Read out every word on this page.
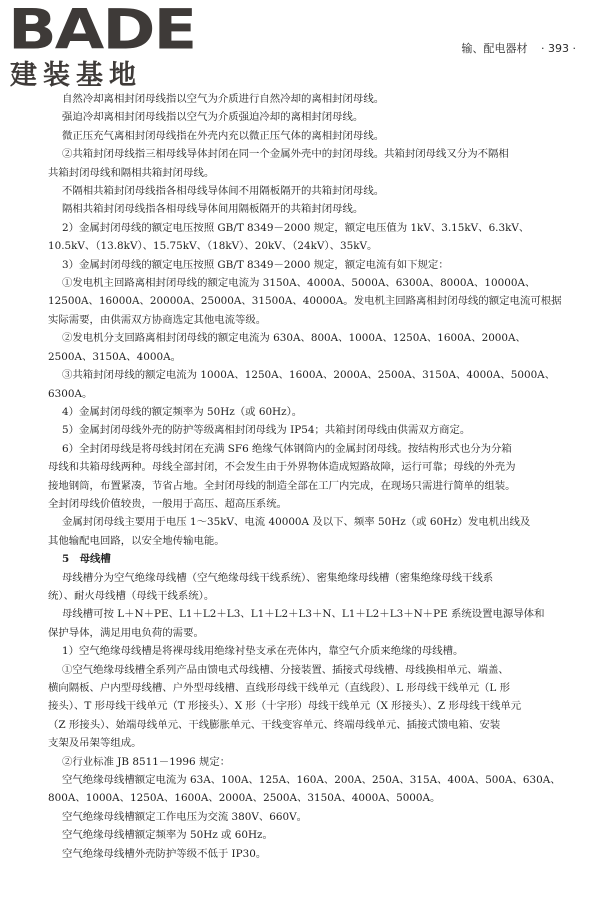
BADE
建装基地
输、配电器材 · 393 ·

自然冷却离相封闭母线指以空气为介质进行自然冷却的离相封闭母线。

强迫冷却离相封闭母线指以空气为介质强迫冷却的离相封闭母线。

微正压充气离相封闭母线指在外壳内充以微正压气体的离相封闭母线。

②共箱封闭母线指三相母线导体封闭在同一个金属外壳中的封闭母线。共箱封闭母线又分为不隔相

共箱封闭母线和隔相共箱封闭母线。

不隔相共箱封闭母线指各相母线导体间不用隔板隔开的共箱封闭母线。

隔相共箱封闭母线指各相母线导体间用隔板隔开的共箱封闭母线。

2）金属封闭母线的额定电压按照 GB/T 8349－2000 规定，额定电压值为 1kV、3.15kV、6.3kV、

10.5kV、（13.8kV）、15.75kV、（18kV）、20kV、（24kV）、35kV。

3）金属封闭母线的额定电压按照 GB/T 8349－2000 规定，额定电流有如下规定：

①发电机主回路离相封闭母线的额定电流为 3150A、4000A、5000A、6300A、8000A、10000A、

12500A、16000A、20000A、25000A、31500A、40000A。发电机主回路离相封闭母线的额定电流可根据

实际需要，由供需双方协商选定其他电流等级。

②发电机分支回路离相封闭母线的额定电流为 630A、800A、1000A、1250A、1600A、2000A、

2500A、3150A、4000A。

③共箱封闭母线的额定电流为 1000A、1250A、1600A、2000A、2500A、3150A、4000A、5000A、

6300A。

4）金属封闭母线的额定频率为 50Hz（或 60Hz）。

5）金属封闭母线外壳的防护等级离相封闭母线为 IP54；共箱封闭母线由供需双方商定。

6）全封闭母线是将母线封闭在充满 SF6 绝缘气体钢筒内的金属封闭母线。按结构形式也分为分箱

母线和共箱母线两种。母线全部封闭，不会发生由于外界物体造成短路故障，运行可靠；母线的外壳为

接地钢筒，布置紧凑，节省占地。全封闭母线的制造全部在工厂内完成，在现场只需进行简单的组装。

全封闭母线价值较贵，一般用于高压、超高压系统。

金属封闭母线主要用于电压 1～35kV、电流 40000A 及以下、频率 50Hz（或 60Hz）发电机出线及

其他输配电回路，以安全地传输电能。

5　母线槽

母线槽分为空气绝缘母线槽（空气绝缘母线干线系统）、密集绝缘母线槽（密集绝缘母线干线系

统）、耐火母线槽（母线干线系统）。

母线槽可按 L＋N＋PE、L1＋L2＋L3、L1＋L2＋L3＋N、L1＋L2＋L3＋N＋PE 系统设置电源导体和

保护导体，满足用电负荷的需要。

1）空气绝缘母线槽是将裸母线用绝缘衬垫支承在壳体内，靠空气介质来绝缘的母线槽。

①空气绝缘母线槽全系列产品由馈电式母线槽、分接装置、插接式母线槽、母线换相单元、端盖、

横向隔板、户内型母线槽、户外型母线槽、直线形母线干线单元（直线段）、L 形母线干线单元（L 形

接头）、T 形母线干线单元（T 形接头）、X 形（十字形）母线干线单元（X 形接头）、Z 形母线干线单元

（Z 形接头）、始端母线单元、干线膨胀单元、干线变容单元、终端母线单元、插接式馈电箱、安装

支架及吊架等组成。

②行业标准 JB 8511－1996 规定：

空气绝缘母线槽额定电流为 63A、100A、125A、160A、200A、250A、315A、400A、500A、630A、

800A、1000A、1250A、1600A、2000A、2500A、3150A、4000A、5000A。

空气绝缘母线槽额定工作电压为交流 380V、660V。

空气绝缘母线槽额定频率为 50Hz 或 60Hz。

空气绝缘母线槽外壳防护等级不低于 IP30。
